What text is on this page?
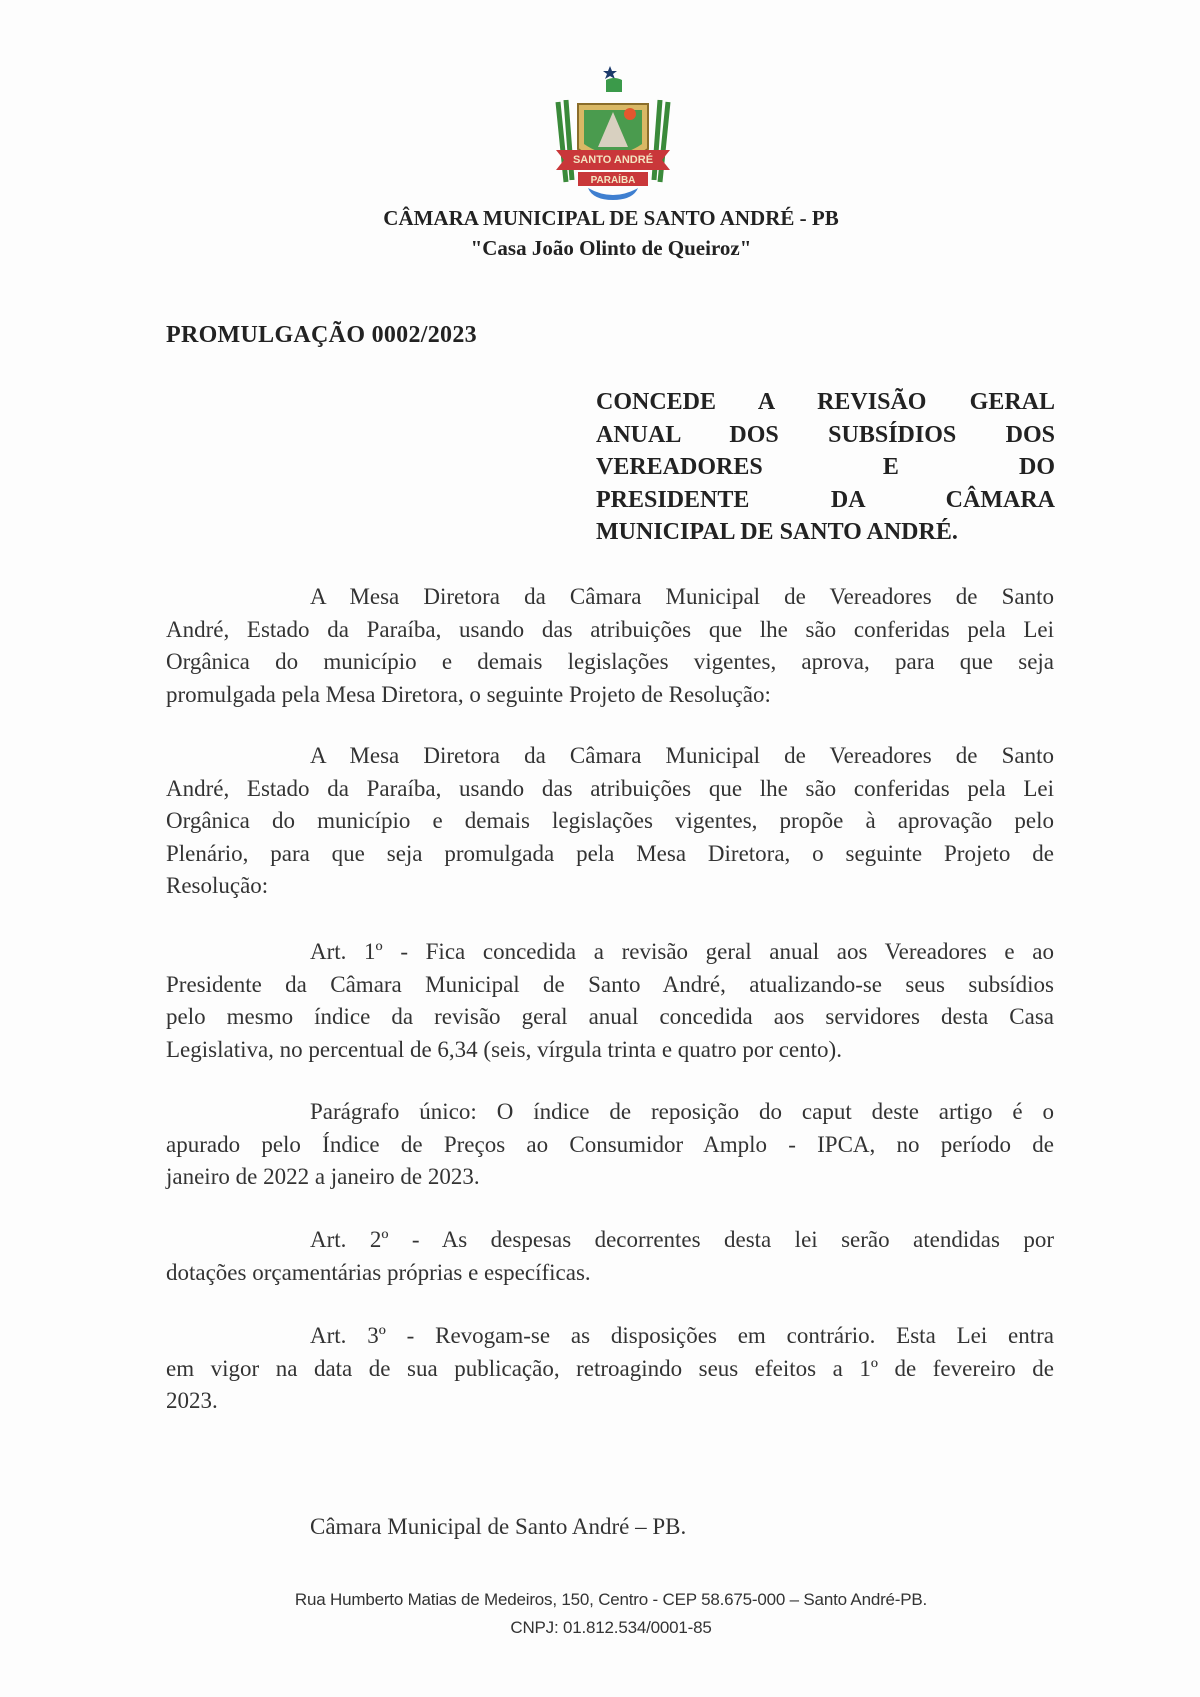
SANTO ANDRÉ
PARAÍBA
CÂMARA MUNICIPAL DE SANTO ANDRÉ - PB
"Casa João Olinto de Queiroz"
PROMULGAÇÃO 0002/2023
CONCEDE A REVISÃO GERAL
ANUAL DOS SUBSÍDIOS DOS
VEREADORES E DO
PRESIDENTE DA CÂMARA
MUNICIPAL DE SANTO ANDRÉ.
A Mesa Diretora da Câmara Municipal de Vereadores de Santo
André, Estado da Paraíba, usando das atribuições que lhe são conferidas pela Lei
Orgânica do município e demais legislações vigentes, aprova, para que seja
promulgada pela Mesa Diretora, o seguinte Projeto de Resolução:
A Mesa Diretora da Câmara Municipal de Vereadores de Santo
André, Estado da Paraíba, usando das atribuições que lhe são conferidas pela Lei
Orgânica do município e demais legislações vigentes, propõe à aprovação pelo
Plenário, para que seja promulgada pela Mesa Diretora, o seguinte Projeto de
Resolução:
Art. 1º - Fica concedida a revisão geral anual aos Vereadores e ao
Presidente da Câmara Municipal de Santo André, atualizando-se seus subsídios
pelo mesmo índice da revisão geral anual concedida aos servidores desta Casa
Legislativa, no percentual de 6,34 (seis, vírgula trinta e quatro por cento).
Parágrafo único: O índice de reposição do caput deste artigo é o
apurado pelo Índice de Preços ao Consumidor Amplo - IPCA, no período de
janeiro de 2022 a janeiro de 2023.
Art. 2º - As despesas decorrentes desta lei serão atendidas por
dotações orçamentárias próprias e específicas.
Art. 3º - Revogam-se as disposições em contrário. Esta Lei entra
em vigor na data de sua publicação, retroagindo seus efeitos a 1º de fevereiro de
2023.
Câmara Municipal de Santo André – PB.
Rua Humberto Matias de Medeiros, 150, Centro - CEP 58.675-000 – Santo André-PB.
CNPJ: 01.812.534/0001-85
